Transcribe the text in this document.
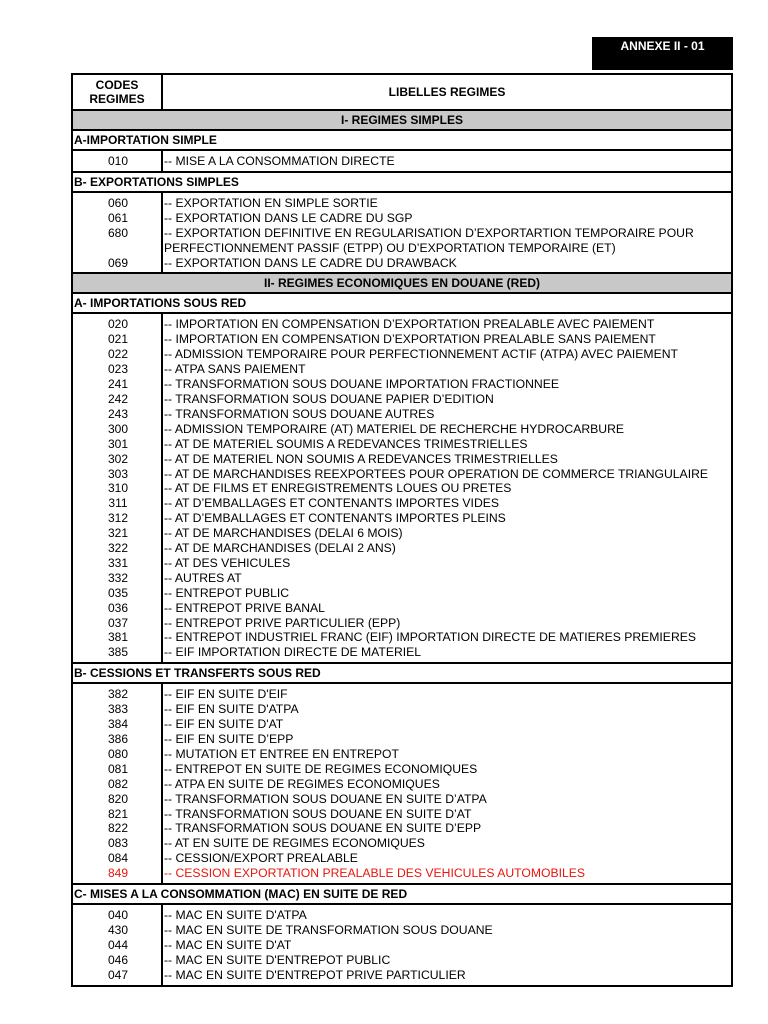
ANNEXE II - 01
CODES
REGIMES	LIBELLES REGIMES
I- REGIMES SIMPLES
A-IMPORTATION SIMPLE
010	-- MISE A LA CONSOMMATION DIRECTE
B- EXPORTATIONS SIMPLES
060
061
680

069
-- EXPORTATION EN SIMPLE SORTIE
-- EXPORTATION DANS LE CADRE DU SGP
-- EXPORTATION DEFINITIVE EN REGULARISATION D’EXPORTARTION TEMPORAIRE POUR
PERFECTIONNEMENT PASSIF (ETPP) OU D’EXPORTATION TEMPORAIRE (ET)
-- EXPORTATION DANS LE CADRE DU DRAWBACK
II- REGIMES ECONOMIQUES EN DOUANE (RED)
A- IMPORTATIONS SOUS RED
020
021
022
023
241
242
243
300
301
302
303
310
311
312
321
322
331
332
035
036
037
381
385
-- IMPORTATION EN COMPENSATION D’EXPORTATION PREALABLE AVEC PAIEMENT
-- IMPORTATION EN COMPENSATION D’EXPORTATION PREALABLE SANS PAIEMENT
-- ADMISSION TEMPORAIRE POUR PERFECTIONNEMENT ACTIF (ATPA) AVEC PAIEMENT
-- ATPA SANS PAIEMENT
-- TRANSFORMATION SOUS DOUANE IMPORTATION FRACTIONNEE
-- TRANSFORMATION SOUS DOUANE PAPIER D’EDITION
-- TRANSFORMATION SOUS DOUANE AUTRES
-- ADMISSION TEMPORAIRE (AT) MATERIEL DE RECHERCHE HYDROCARBURE
-- AT DE MATERIEL SOUMIS A REDEVANCES TRIMESTRIELLES
-- AT DE MATERIEL NON SOUMIS A REDEVANCES TRIMESTRIELLES
-- AT DE MARCHANDISES REEXPORTEES POUR OPERATION DE COMMERCE TRIANGULAIRE
-- AT DE FILMS ET ENREGISTREMENTS LOUES OU PRETES
-- AT D’EMBALLAGES ET CONTENANTS IMPORTES VIDES
-- AT D’EMBALLAGES ET CONTENANTS IMPORTES PLEINS
-- AT DE MARCHANDISES (DELAI 6 MOIS)
-- AT DE MARCHANDISES (DELAI 2 ANS)
-- AT DES VEHICULES
-- AUTRES AT
-- ENTREPOT PUBLIC
-- ENTREPOT PRIVE BANAL
-- ENTREPOT PRIVE PARTICULIER (EPP)
-- ENTREPOT INDUSTRIEL FRANC (EIF) IMPORTATION DIRECTE DE MATIERES PREMIERES
-- EIF IMPORTATION DIRECTE DE MATERIEL
B- CESSIONS ET TRANSFERTS SOUS RED
382
383
384
386
080
081
082
820
821
822
083
084
849
-- EIF EN SUITE D'EIF
-- EIF EN SUITE D'ATPA
-- EIF EN SUITE D'AT
-- EIF EN SUITE D’EPP
-- MUTATION ET ENTREE EN ENTREPOT
-- ENTREPOT EN SUITE DE REGIMES ECONOMIQUES
-- ATPA EN SUITE DE REGIMES ECONOMIQUES
-- TRANSFORMATION SOUS DOUANE EN SUITE D’ATPA
-- TRANSFORMATION SOUS DOUANE EN SUITE D’AT
-- TRANSFORMATION SOUS DOUANE EN SUITE D’EPP
-- AT EN SUITE DE REGIMES ECONOMIQUES
-- CESSION/EXPORT PREALABLE
-- CESSION EXPORTATION PREALABLE DES VEHICULES AUTOMOBILES
C- MISES A LA CONSOMMATION (MAC) EN SUITE DE RED
040
430
044
046
047
-- MAC EN SUITE D'ATPA
-- MAC EN SUITE DE TRANSFORMATION SOUS DOUANE
-- MAC EN SUITE D'AT
-- MAC EN SUITE D'ENTREPOT PUBLIC
-- MAC EN SUITE D'ENTREPOT PRIVE PARTICULIER
